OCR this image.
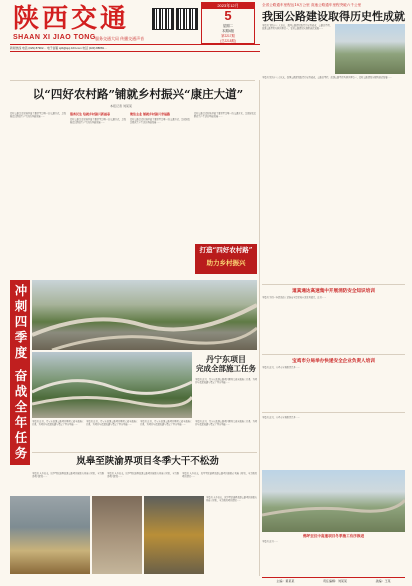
陕 西 交 通
SHAAN XI JIAO TONG 服务交通大局 传播交通声音
2023年12月
5
星期二
本期4版
第2217期
(总2218期)
新闻热线 电话 (029) 87902… 电子信箱 sjtb@sjxj.163.com 电话 (029) 88869…
全省公路通车里程达18万公里 高速公路通车里程突破六千公里
我国公路建设取得历史性成就
本报讯 党的十八大以来，我国公路建设取得历史性成就，公路总里程、高速公路里程均居世界第一，农村公路建设实现跨越式发展……
本报讯 党的十八大以来，我国公路建设取得历史性成就，公路总里程、高速公路里程均居世界第一，农村公路建设实现跨越式发展……
以“四好农村路”铺就乡村振兴“康庄大道”
本报记者 刘某某
农村公路是农村地区最主要甚至是唯一的交通方式，是保障农民群众生产生活的基础设施……
服务民生 绘就乡村振兴新画卷
农村公路是农村地区最主要甚至是唯一的交通方式，是保障农民群众生产生活的基础设施……
聚焦主业 铺就乡村振兴幸福路
农村公路是农村地区最主要甚至是唯一的交通方式，是保障农民群众生产生活的基础设施……
农村公路是农村地区最主要甚至是唯一的交通方式，是保障农民群众生产生活的基础设施……
打造“四好农村路”
助力乡村振兴
冲刺四季度 奋战全年任务	丹宁东项目
完成全部施工任务
本报讯 近日，丹宁东高速公路项目顺利完成全部施工任务，为项目年底建成通车奠定了坚实基础……
本报讯 近日，丹宁东高速公路项目顺利完成全部施工任务，为项目年底建成通车奠定了坚实基础……
本报讯 近日，丹宁东高速公路项目顺利完成全部施工任务，为项目年底建成通车奠定了坚实基础……
本报讯 近日，丹宁东高速公路项目顺利完成全部施工任务，为项目年底建成通车奠定了坚实基础……
本报讯 近日，丹宁东高速公路项目顺利完成全部施工任务，为项目年底建成通车奠定了坚实基础……
岚皋至陕渝界项目冬季大干不松劲
本报讯 入冬以来，岚皋至陕渝界高速公路项目抢抓有利施工时机，全力推进项目建设……
本报讯 入冬以来，岚皋至陕渝界高速公路项目抢抓有利施工时机，全力推进项目建设……
本报讯 入冬以来，岚皋至陕渝界高速公路项目抢抓有利施工时机，全力推进项目建设……
本报讯 入冬以来，岚皋至陕渝界高速公路项目抢抓有利施工时机，全力推进项目建设……
道真通达高速集中开展消防安全知识培训
本报讯 为进一步提高员工消防安全意识和应急处置能力，近日……
宝鸡市分局举办快递安全企业负责人培训
本报讯 近日，宝鸡市分局组织召开……
本报讯 近日，宝鸡市分局组织召开……
佛坪至汉中高速项目冬季施工有序推进
本报讯 近日……
主编：黄某某	责任编辑：刘某某	美编：王某
